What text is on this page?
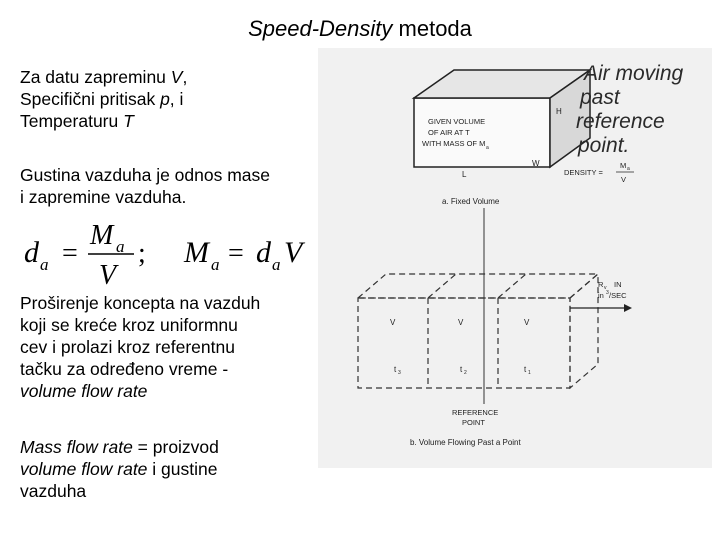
Speed-Density metoda
Za datu zapreminu V,
Specifični pritisak p, i
Temperaturu T
Gustina vazduha je odnos mase
i zapremine vazduha.
d a =
M a
V
; M a = d a V
Proširenje koncepta na vazduh
koji se kreće kroz uniformnu
cev i prolazi kroz referentnu
tačku za određeno vreme -
volume flow rate
Mass flow rate = proizvod
volume flow rate i gustine
vazduha
GIVEN VOLUME
OF AIR AT T
WITH MASS OF M a
H
W
L
Air moving
past
reference
point.
DENSITY =
M a
V
a. Fixed Volume
V	V	V
t 3	t 2	t 1
R v IN
in 3 /SEC
REFERENCE
POINT
b. Volume Flowing Past a Point
